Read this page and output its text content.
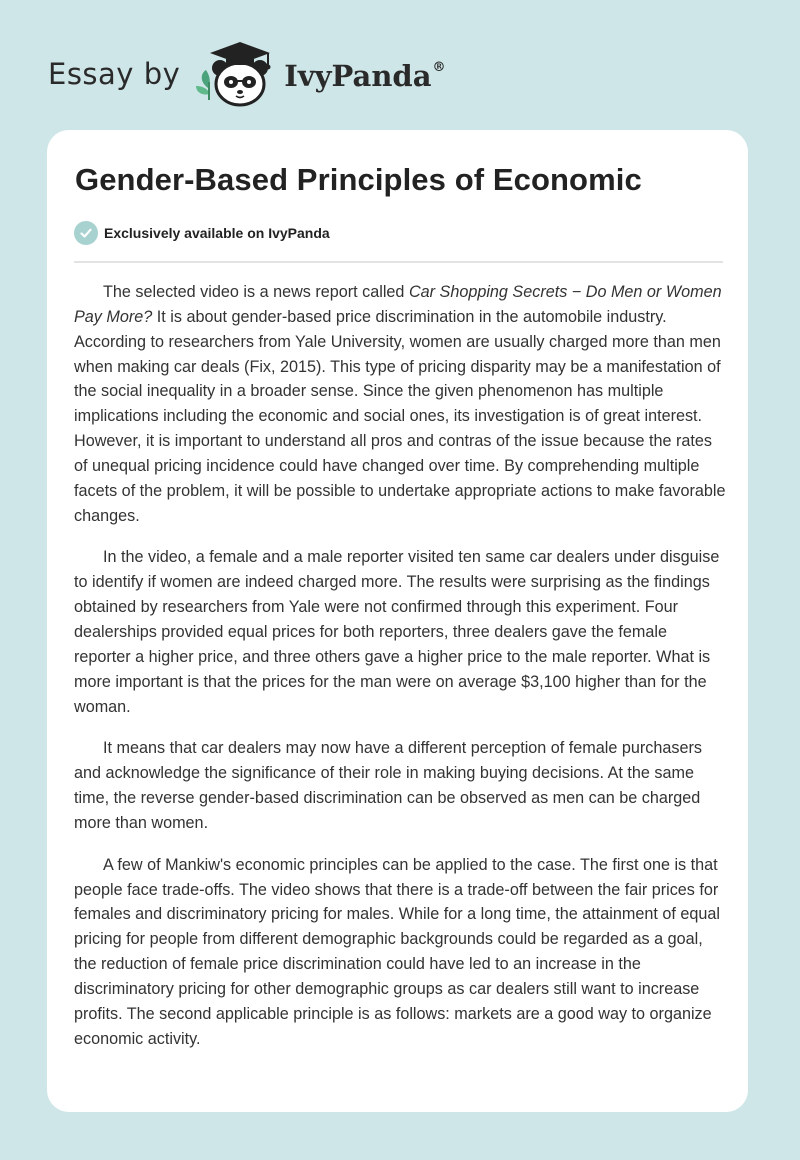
Essay by	IvyPanda®
Gender-Based Principles of Economic
Exclusively available on IvyPanda

The selected video is a news report called Car Shopping Secrets − Do Men or Women Pay More? It is about gender-based price discrimination in the automobile industry. According to researchers from Yale University, women are usually charged more than men when making car deals (Fix, 2015). This type of pricing disparity may be a manifestation of the social inequality in a broader sense. Since the given phenomenon has multiple implications including the economic and social ones, its investigation is of great interest. However, it is important to understand all pros and contras of the issue because the rates of unequal pricing incidence could have changed over time. By comprehending multiple facets of the problem, it will be possible to undertake appropriate actions to make favorable changes.

In the video, a female and a male reporter visited ten same car dealers under disguise to identify if women are indeed charged more. The results were surprising as the findings obtained by researchers from Yale were not confirmed through this experiment. Four dealerships provided equal prices for both reporters, three dealers gave the female reporter a higher price, and three others gave a higher price to the male reporter. What is more important is that the prices for the man were on average $3,100 higher than for the woman.

It means that car dealers may now have a different perception of female purchasers and acknowledge the significance of their role in making buying decisions. At the same time, the reverse gender-based discrimination can be observed as men can be charged more than women.

A few of Mankiw's economic principles can be applied to the case. The first one is that people face trade-offs. The video shows that there is a trade-off between the fair prices for females and discriminatory pricing for males. While for a long time, the attainment of equal pricing for people from different demographic backgrounds could be regarded as a goal, the reduction of female price discrimination could have led to an increase in the discriminatory pricing for other demographic groups as car dealers still want to increase profits. The second applicable principle is as follows: markets are a good way to organize economic activity.
